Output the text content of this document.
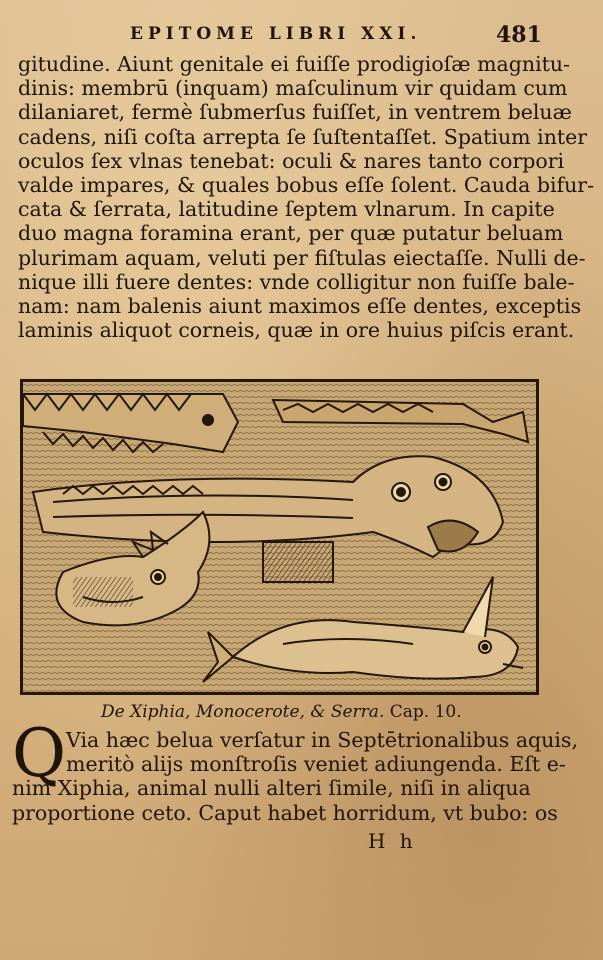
EPITOME LIBRI XXI.	481
gitudine. Aiunt genitale ei fuiſſe prodigioſæ magnitu-
dinis: membrū (inquam) maſculinum vir quidam cum
dilaniaret, fermè ſubmerſus fuiſſet, in ventrem beluæ
cadens, niſi coſta arrepta ſe ſuſtentaſſet. Spatium inter
oculos ſex vlnas tenebat: oculi & nares tanto corpori
valde impares, & quales bobus eſſe ſolent. Cauda bifur-
cata & ſerrata, latitudine ſeptem vlnarum. In capite
duo magna foramina erant, per quæ putatur beluam
plurimam aquam, veluti per fiſtulas eiectaſſe. Nulli de-
nique illi fuere dentes: vnde colligitur non fuiſſe bale-
nam: nam balenis aiunt maximos eſſe dentes, exceptis
laminis aliquot corneis, quæ in ore huius piſcis erant.
De Xiphia, Monocerote, & Serra. Cap. 10.
Q Via hæc belua verſatur in Septētrionalibus aquis,
meritò alijs monſtroſis veniet adiungenda. Eſt e-
nim Xiphia, animal nulli alteri ſimile, niſi in aliqua
proportione ceto. Caput habet horridum, vt bubo: os
H h
